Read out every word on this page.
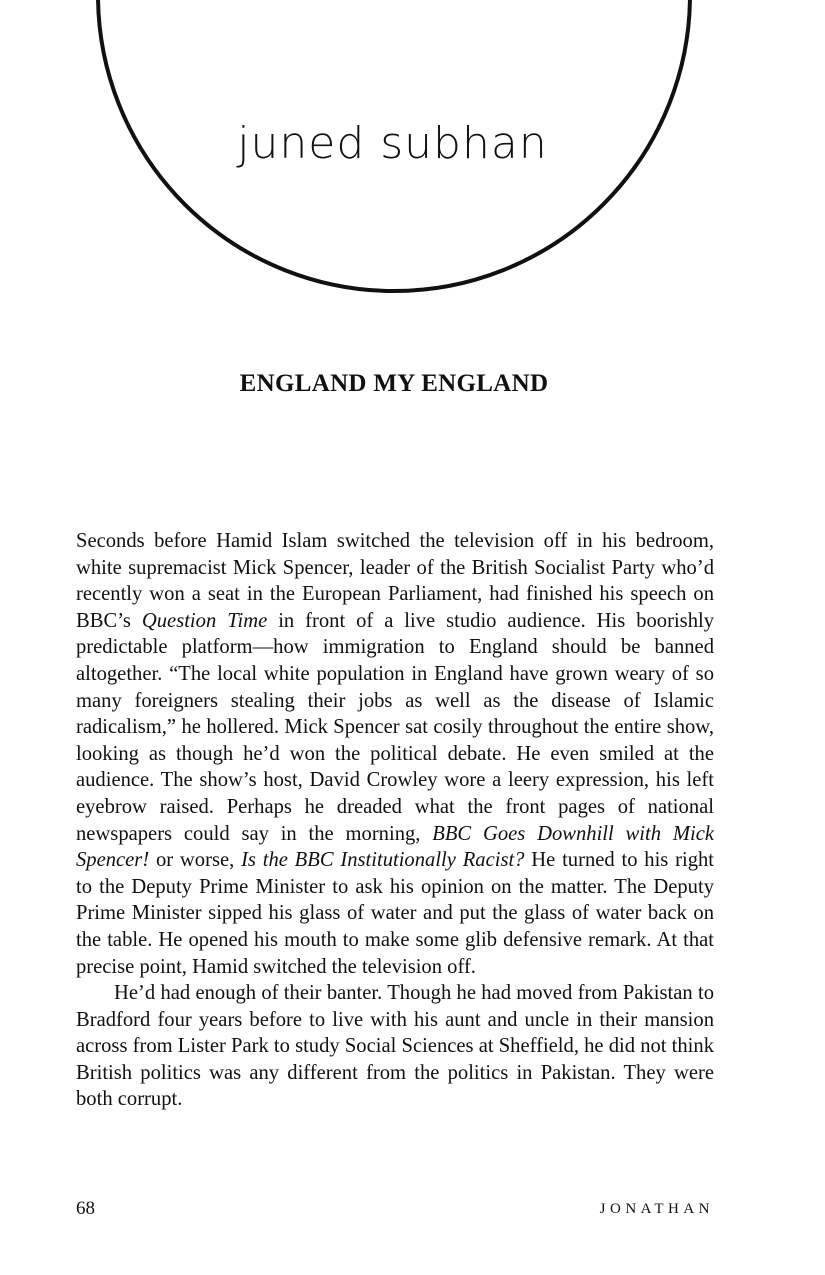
juned subhan
ENGLAND MY ENGLAND

Seconds before Hamid Islam switched the television off in his bedroom, white supremacist Mick Spencer, leader of the British Socialist Party who’d recently won a seat in the European Parliament, had finished his speech on BBC’s Question Time in front of a live studio audience. His boorishly predictable platform—how immigration to England should be banned altogether. “The local white population in England have grown weary of so many foreigners stealing their jobs as well as the disease of Islamic radicalism,” he hollered. Mick Spencer sat cosily throughout the entire show, looking as though he’d won the political debate. He even smiled at the audience. The show’s host, David Crowley wore a leery expression, his left eyebrow raised. Perhaps he dreaded what the front pages of national newspapers could say in the morning, BBC Goes Downhill with Mick Spencer! or worse, Is the BBC Institutionally Racist? He turned to his right to the Deputy Prime Minister to ask his opinion on the matter. The Deputy Prime Minister sipped his glass of water and put the glass of water back on the table. He opened his mouth to make some glib defensive remark. At that precise point, Hamid switched the television off.

He’d had enough of their banter. Though he had moved from Pakistan to Bradford four years before to live with his aunt and uncle in their mansion across from Lister Park to study Social Sciences at Sheffield, he did not think British politics was any different from the politics in Pakistan. They were both corrupt.

68	JONATHAN
